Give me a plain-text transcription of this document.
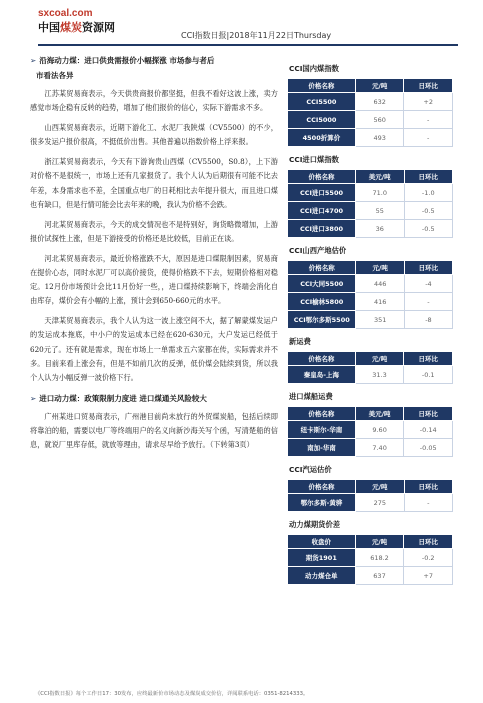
sxcoal.com
中国煤炭资源网
CCI指数日报|2018年11月22日Thursday
➢ 沿海动力煤：进口供贵需报价小幅探涨 市场参与者后
市看法各异

江苏某贸易商表示，今天供贵商报价都坚挺，但我不看好这波上涨，卖方感觉市场企稳有反转的趋势，增加了他们报价的信心，实际下游需求不多。

山西某贸易商表示，近期下游化工、水泥厂我陕煤（CV5500）的不少，很多发运户报价很高，不挺低价出售。其他普遍以指数价格上浮来报。

浙江某贸易商表示，今天有下游询贵山西煤（CV5500，S0.8），上下游对价格不是很统一，市场上还有几家报货了。我个人认为后期很有可能不比去年差，本身需求也不差，全国重点电厂的日耗相比去年提升很大，而且进口煤也有缺口，但是行情可能会比去年来的晚，我认为价格不会跌。

河北某贸易商表示，今天的成交情况也不是特别好，询货略微增加，上游报价试探性上涨，但是下游接受的价格还是比较低，目前正在谈。

河北某贸易商表示，最近价格涨跌不大，原因是进口煤限制因素，贸易商在提价心态，同时水泥厂可以高价接货，使得价格跌不下去，短期价格相对稳定。12月份市场预计会比11月份好一些，，进口煤持续影响下，终端会消化自由库存，煤价会有小幅的上涨，预计会到650-660元的水平。

天津某贸易商表示，我个人认为这一波上涨空间不大，据了解蒙煤发运户的发运成本拖底，中小户的发运成本已经在620-630元，大户发运已经低于620元了。还有就是需求，现在市场上一单需求五六家都在传，实际需求并不多。目前来看上涨会有，但是不如前几次的反弹，低价煤会陆续到货，所以我个人认为小幅反弹一波价格下行。

➢ 进口动力煤：政策限制力度进 进口煤通关风险较大

广州某进口贸易商表示，广州港目前尚未放行的外贸煤炭船，包括后续即将靠泊的船，需要以电厂等终端用户的名义向新沙海关写个函，写清楚船的信息，就说厂里库存低，就放等理由，请求尽早给予放行。（下转第3页）

CCI国内煤指数
价格名称	元/吨	日环比
CCI5500	632	+2
CCI5000	560	-
4500折算价	493	-
CCI进口煤指数
价格名称	美元/吨	日环比
CCI进口5500	71.0	-1.0
CCI进口4700	55	-0.5
CCI进口3800	36	-0.5
CCI山西产地估价
价格名称	元/吨	日环比
CCI大同5500	446	-4
CCI榆林5800	416	-
CCI鄂尔多斯5500	351	-8
新运费
价格名称	元/吨	日环比
秦皇岛-上海	31.3	-0.1
进口煤船运费
价格名称	美元/吨	日环比
纽卡斯尔-华南	9.60	-0.14
南加-华南	7.40	-0.05
CCI汽运估价
价格名称	元/吨	日环比
鄂尔多斯-黄骅	275	-
动力煤期货价差
收盘价	元/吨	日环比
期货1901	618.2	-0.2
动力煤仓单	637	+7
《CCI指数日报》每个工作日17：30发布，应终最新价市场动态及煤炭成交价信，详阅联系电话：0351-8214333。
